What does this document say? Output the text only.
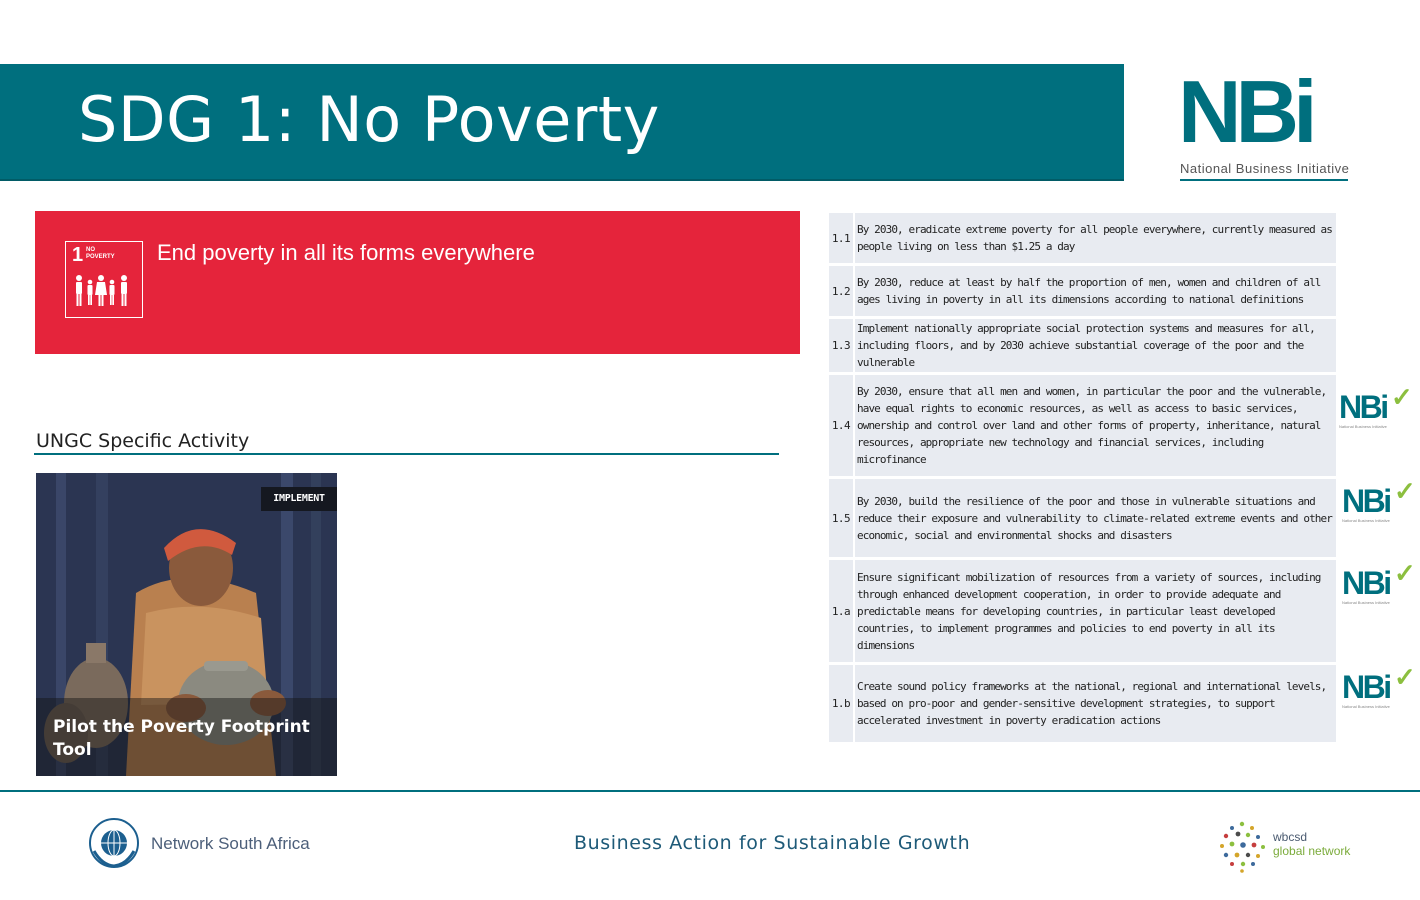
SDG 1: No Poverty	NBi
National Business Initiative
1 NO POVERTY End poverty in all its forms everywhere
UNGC Specific Activity
IMPLEMENT
Pilot the Poverty Footprint Tool
1.1
By 2030, eradicate extreme poverty for all people everywhere, currently measured as people living on less than $1.25 a day
1.2
By 2030, reduce at least by half the proportion of men, women and children of all ages living in poverty in all its dimensions according to national definitions
1.3
Implement nationally appropriate social protection systems and measures for all, including floors, and by 2030 achieve substantial coverage of the poor and the vulnerable
1.4
By 2030, ensure that all men and women, in particular the poor and the vulnerable, have equal rights to economic resources, as well as access to basic services, ownership and control over land and other forms of property, inheritance, natural resources, appropriate new technology and financial services, including microfinance
1.5
By 2030, build the resilience of the poor and those in vulnerable situations and reduce their exposure and vulnerability to climate-related extreme events and other economic, social and environmental shocks and disasters
1.a
Ensure significant mobilization of resources from a variety of sources, including through enhanced development cooperation, in order to provide adequate and predictable means for developing countries, in particular least developed countries, to implement programmes and policies to end poverty in all its dimensions
1.b
Create sound policy frameworks at the national, regional and international levels, based on pro-poor and gender-sensitive development strategies, to support accelerated investment in poverty eradication actions
NBi ✓
National Business Initiative
NBi ✓
National Business Initiative
NBi ✓
National Business Initiative
NBi ✓
National Business Initiative
Network South Africa	Business Action for Sustainable Growth	wbcsd
global network
